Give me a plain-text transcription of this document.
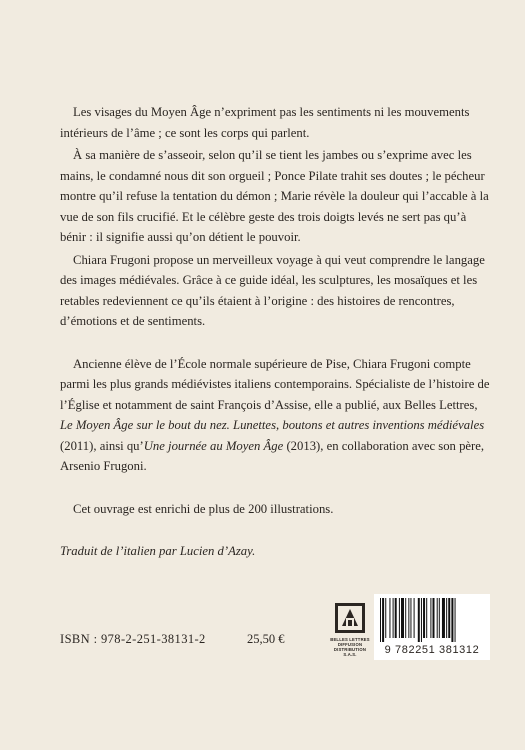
Les visages du Moyen Âge n’expriment pas les sentiments ni les mouvements intérieurs de l’âme ; ce sont les corps qui parlent.

À sa manière de s’asseoir, selon qu’il se tient les jambes ou s’exprime avec les mains, le condamné nous dit son orgueil ; Ponce Pilate trahit ses doutes ; le pécheur montre qu’il refuse la tentation du démon ; Marie révèle la douleur qui l’accable à la vue de son fils crucifié. Et le célèbre geste des trois doigts levés ne sert pas qu’à bénir : il signifie aussi qu’on détient le pouvoir.

Chiara Frugoni propose un merveilleux voyage à qui veut comprendre le langage des images médiévales. Grâce à ce guide idéal, les sculptures, les mosaïques et les retables redeviennent ce qu’ils étaient à l’origine : des histoires de rencontres, d’émotions et de sentiments.

Ancienne élève de l’École normale supérieure de Pise, Chiara Frugoni compte parmi les plus grands médiévistes italiens contemporains. Spécialiste de l’histoire de l’Église et notamment de saint François d’Assise, elle a publié, aux Belles Lettres, Le Moyen Âge sur le bout du nez. Lunettes, boutons et autres inventions médiévales (2011), ainsi qu’Une journée au Moyen Âge (2013), en collaboration avec son père, Arsenio Frugoni.

Cet ouvrage est enrichi de plus de 200 illustrations.

Traduit de l’italien par Lucien d’Azay.

ISBN : 978-2-251-38131-2	25,50 €	BELLES LETTRES
DIFFUSION
DISTRIBUTION
S.A.S.	9 782251 381312
